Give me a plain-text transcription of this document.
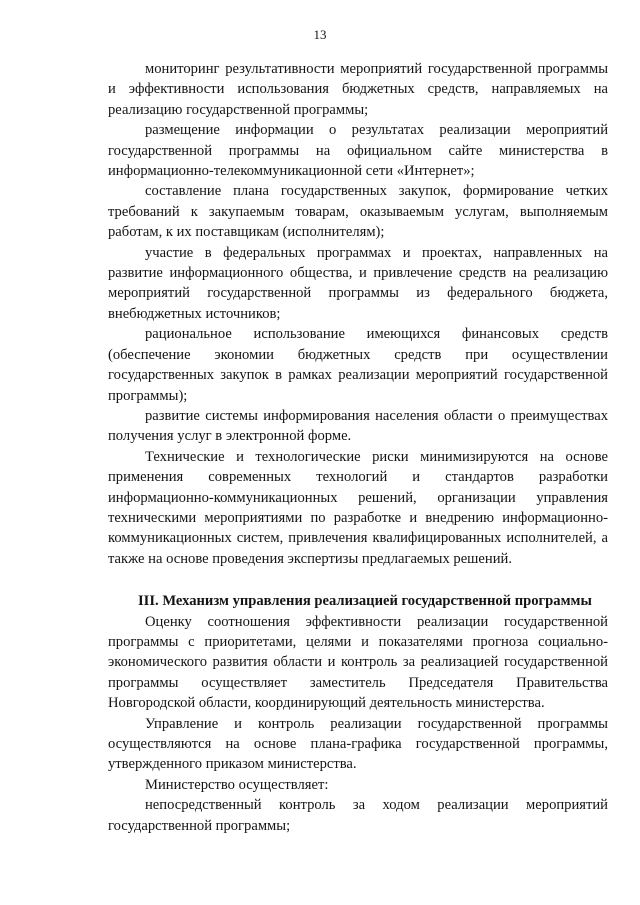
13

мониторинг результативности мероприятий государственной программы и эффективности использования бюджетных средств, направляемых на реализацию государственной программы;

размещение информации о результатах реализации мероприятий государственной программы на официальном сайте министерства в информационно-телекоммуникационной сети «Интернет»;

составление плана государственных закупок, формирование четких требований к закупаемым товарам, оказываемым услугам, выполняемым работам, к их поставщикам (исполнителям);

участие в федеральных программах и проектах, направленных на развитие информационного общества, и привлечение средств на реализацию мероприятий государственной программы из федерального бюджета, внебюджетных источников;

рациональное использование имеющихся финансовых средств (обеспечение экономии бюджетных средств при осуществлении государственных закупок в рамках реализации мероприятий государственной программы);

развитие системы информирования населения области о преимуществах получения услуг в электронной форме.

Технические и технологические риски минимизируются на основе применения современных технологий и стандартов разработки информационно-коммуникационных решений, организации управления техническими мероприятиями по разработке и внедрению информационно-коммуникационных систем, привлечения квалифицированных исполнителей, а также на основе проведения экспертизы предлагаемых решений.

III. Механизм управления реализацией государственной программы

Оценку соотношения эффективности реализации государственной программы с приоритетами, целями и показателями прогноза социально-экономического развития области и контроль за реализацией государственной программы осуществляет заместитель Председателя Правительства Новгородской области, координирующий деятельность министерства.

Управление и контроль реализации государственной программы осуществляются на основе плана-графика государственной программы, утвержденного приказом министерства.

Министерство осуществляет:

непосредственный контроль за ходом реализации мероприятий государственной программы;
